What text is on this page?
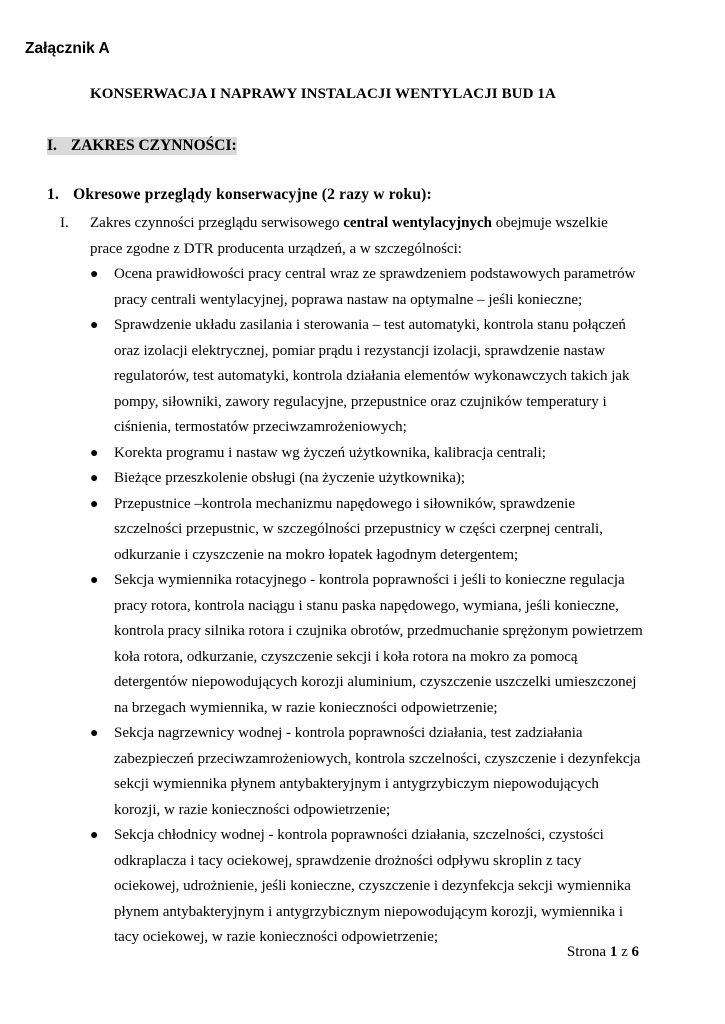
Załącznik A
KONSERWACJA I NAPRAWY INSTALACJI WENTYLACJI BUD 1A
I. ZAKRES CZYNNOŚCI:
1. Okresowe przeglądy konserwacyjne (2 razy w roku):
I. Zakres czynności przeglądu serwisowego central wentylacyjnych obejmuje wszelkie prace zgodne z DTR producenta urządzeń, a w szczególności:
● Ocena prawidłowości pracy central wraz ze sprawdzeniem podstawowych parametrów pracy centrali wentylacyjnej, poprawa nastaw na optymalne – jeśli konieczne;
● Sprawdzenie układu zasilania i sterowania – test automatyki, kontrola stanu połączeń oraz izolacji elektrycznej, pomiar prądu i rezystancji izolacji, sprawdzenie nastaw regulatorów, test automatyki, kontrola działania elementów wykonawczych takich jak pompy, siłowniki, zawory regulacyjne, przepustnice oraz czujników temperatury i ciśnienia, termostatów przeciwzamrożeniowych;
● Korekta programu i nastaw wg życzeń użytkownika, kalibracja centrali;
● Bieżące przeszkolenie obsługi (na życzenie użytkownika);
● Przepustnice –kontrola mechanizmu napędowego i siłowników, sprawdzenie szczelności przepustnic, w szczególności przepustnicy w części czerpnej centrali, odkurzanie i czyszczenie na mokro łopatek łagodnym detergentem;
● Sekcja wymiennika rotacyjnego - kontrola poprawności i jeśli to konieczne regulacja pracy rotora, kontrola naciągu i stanu paska napędowego, wymiana, jeśli konieczne, kontrola pracy silnika rotora i czujnika obrotów, przedmuchanie sprężonym powietrzem koła rotora, odkurzanie, czyszczenie sekcji i koła rotora na mokro za pomocą detergentów niepowodujących korozji aluminium, czyszczenie uszczelki umieszczonej na brzegach wymiennika, w razie konieczności odpowietrzenie;
● Sekcja nagrzewnicy wodnej - kontrola poprawności działania, test zadziałania zabezpieczeń przeciwzamrożeniowych, kontrola szczelności, czyszczenie i dezynfekcja sekcji wymiennika płynem antybakteryjnym i antygrzybiczym niepowodujących korozji, w razie konieczności odpowietrzenie;
● Sekcja chłodnicy wodnej - kontrola poprawności działania, szczelności, czystości odkraplacza i tacy ociekowej, sprawdzenie drożności odpływu skroplin z tacy ociekowej, udrożnienie, jeśli konieczne, czyszczenie i dezynfekcja sekcji wymiennika płynem antybakteryjnym i antygrzybicznym niepowodującym korozji, wymiennika i tacy ociekowej, w razie konieczności odpowietrzenie;
Strona 1 z 6
